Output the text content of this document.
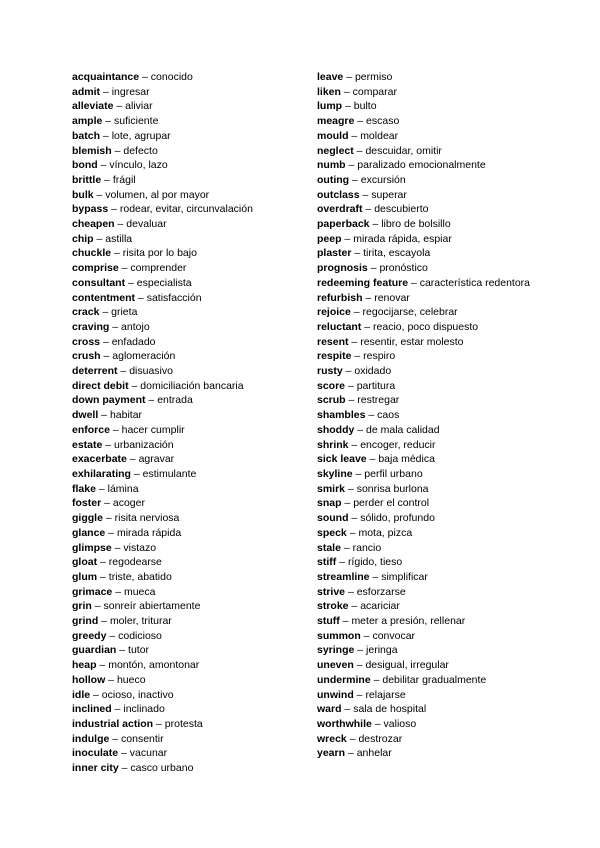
acquaintance – conocido
admit – ingresar
alleviate – aliviar
ample – suficiente
batch – lote, agrupar
blemish – defecto
bond – vínculo, lazo
brittle – frágil
bulk – volumen, al por mayor
bypass – rodear, evitar, circunvalación
cheapen – devaluar
chip – astilla
chuckle – risita por lo bajo
comprise – comprender
consultant – especialista
contentment – satisfacción
crack – grieta
craving – antojo
cross – enfadado
crush – aglomeración
deterrent – disuasivo
direct debit – domiciliación bancaria
down payment – entrada
dwell – habitar
enforce – hacer cumplir
estate – urbanización
exacerbate – agravar
exhilarating – estimulante
flake – lámina
foster – acoger
giggle – risita nerviosa
glance – mirada rápida
glimpse – vistazo
gloat – regodearse
glum – triste, abatido
grimace – mueca
grin – sonreír abiertamente
grind – moler, triturar
greedy – codicioso
guardian – tutor
heap – montón, amontonar
hollow – hueco
idle – ocioso, inactivo
inclined – inclinado
industrial action – protesta
indulge – consentir
inoculate – vacunar
inner city – casco urbano
leave – permiso
liken – comparar
lump – bulto
meagre – escaso
mould – moldear
neglect – descuidar, omitir
numb – paralizado emocionalmente
outing – excursión
outclass – superar
overdraft – descubierto
paperback – libro de bolsillo
peep – mirada rápida, espiar
plaster – tirita, escayola
prognosis – pronóstico
redeeming feature – característica redentora
refurbish – renovar
rejoice – regocijarse, celebrar
reluctant – reacio, poco dispuesto
resent – resentir, estar molesto
respite – respiro
rusty – oxidado
score – partitura
scrub – restregar
shambles – caos
shoddy – de mala calidad
shrink – encoger, reducir
sick leave – baja médica
skyline – perfil urbano
smirk – sonrisa burlona
snap – perder el control
sound – sólido, profundo
speck – mota, pizca
stale – rancio
stiff – rígido, tieso
streamline – simplificar
strive – esforzarse
stroke – acariciar
stuff – meter a presión, rellenar
summon – convocar
syringe – jeringa
uneven – desigual, irregular
undermine – debilitar gradualmente
unwind – relajarse
ward – sala de hospital
worthwhile – valioso
wreck – destrozar
yearn – anhelar
